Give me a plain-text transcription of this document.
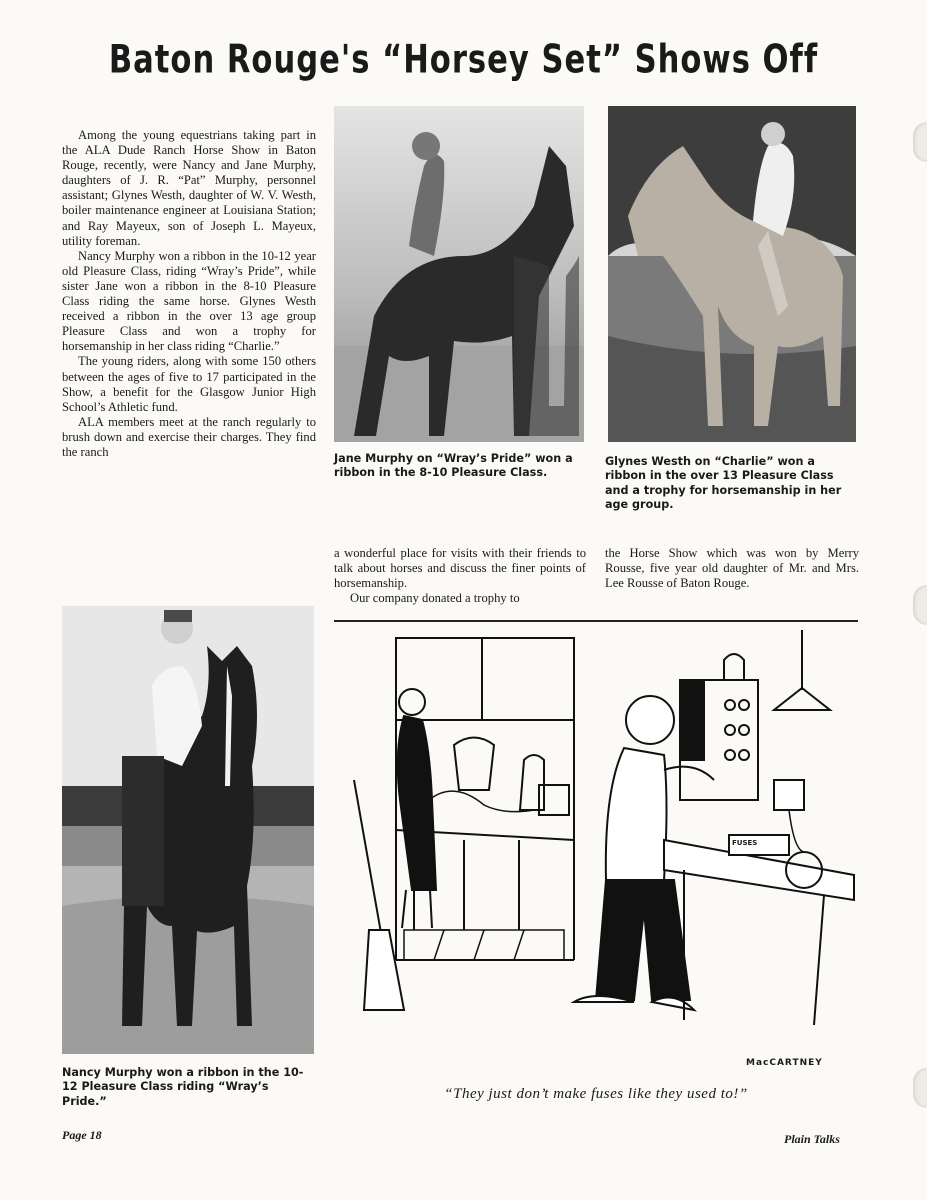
Baton Rouge's “Horsey Set” Shows Off

Among the young equestrians taking part in the ALA Dude Ranch Horse Show in Baton Rouge, recently, were Nancy and Jane Murphy, daughters of J. R. “Pat” Murphy, personnel assistant; Glynes Westh, daughter of W. V. Westh, boiler maintenance engineer at Louisiana Station; and Ray Mayeux, son of Joseph L. Mayeux, utility foreman.

Nancy Murphy won a ribbon in the 10-12 year old Pleasure Class, riding “Wray’s Pride”, while sister Jane won a ribbon in the 8-10 Pleasure Class riding the same horse. Glynes Westh received a ribbon in the over 13 age group Pleasure Class and won a trophy for horsemanship in her class riding “Charlie.”

The young riders, along with some 150 others between the ages of five to 17 participated in the Show, a benefit for the Glasgow Junior High School’s Athletic fund.

ALA members meet at the ranch regularly to brush down and exercise their charges. They find the ranch	Jane Murphy on “Wray’s Pride” won a ribbon in the 8-10 Pleasure Class.
Glynes Westh on “Charlie” won a ribbon in the over 13 Pleasure Class and a trophy for horsemanship in her age group.

a wonderful place for visits with their friends to talk about horses and discuss the finer points of horsemanship.

Our company donated a trophy to

the Horse Show which was won by Merry Rousse, five year old daughter of Mr. and Mrs. Lee Rousse of Baton Rouge.

Nancy Murphy won a ribbon in the 10-12 Pleasure Class riding “Wray’s Pride.”
FUSES
MacCARTNEY
“They just don’t make fuses like they used to!”
Page 18	Plain Talks
